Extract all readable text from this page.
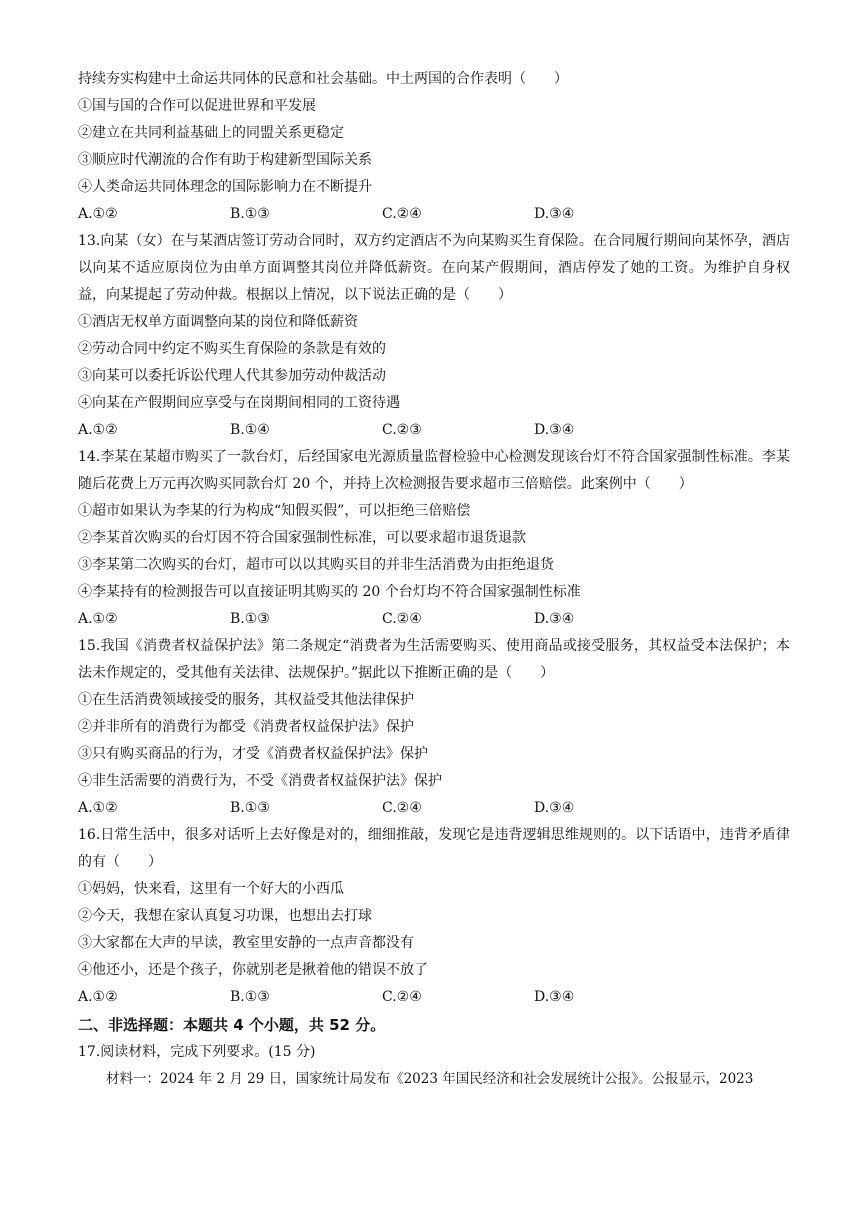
持续夯实构建中土命运共同体的民意和社会基础。中土两国的合作表明（　　）
①国与国的合作可以促进世界和平发展
②建立在共同利益基础上的同盟关系更稳定
③顺应时代潮流的合作有助于构建新型国际关系
④人类命运共同体理念的国际影响力在不断提升
A.①②	B.①③	C.②④	D.③④

13.向某（女）在与某酒店签订劳动合同时，双方约定酒店不为向某购买生育保险。在合同履行期间向某怀孕，酒店以向某不适应原岗位为由单方面调整其岗位并降低薪资。在向某产假期间，酒店停发了她的工资。为维护自身权益，向某提起了劳动仲裁。根据以上情况，以下说法正确的是（　　）

①酒店无权单方面调整向某的岗位和降低薪资
②劳动合同中约定不购买生育保险的条款是有效的
③向某可以委托诉讼代理人代其参加劳动仲裁活动
④向某在产假期间应享受与在岗期间相同的工资待遇
A.①②	B.①④	C.②③	D.③④

14.李某在某超市购买了一款台灯，后经国家电光源质量监督检验中心检测发现该台灯不符合国家强制性标准。李某随后花费上万元再次购买同款台灯 20 个，并持上次检测报告要求超市三倍赔偿。此案例中（　　）

①超市如果认为李某的行为构成“知假买假”，可以拒绝三倍赔偿
②李某首次购买的台灯因不符合国家强制性标准，可以要求超市退货退款
③李某第二次购买的台灯，超市可以以其购买目的并非生活消费为由拒绝退货
④李某持有的检测报告可以直接证明其购买的 20 个台灯均不符合国家强制性标准
A.①②	B.①③	C.②④	D.③④

15.我国《消费者权益保护法》第二条规定“消费者为生活需要购买、使用商品或接受服务，其权益受本法保护；本法未作规定的，受其他有关法律、法规保护。”据此以下推断正确的是（　　）

①在生活消费领域接受的服务，其权益受其他法律保护
②并非所有的消费行为都受《消费者权益保护法》保护
③只有购买商品的行为，才受《消费者权益保护法》保护
④非生活需要的消费行为，不受《消费者权益保护法》保护
A.①②	B.①③	C.②④	D.③④

16.日常生活中，很多对话听上去好像是对的，细细推敲，发现它是违背逻辑思维规则的。以下话语中，违背矛盾律的有（　　）

①妈妈，快来看，这里有一个好大的小西瓜
②今天，我想在家认真复习功课，也想出去打球
③大家都在大声的早读，教室里安静的一点声音都没有
④他还小，还是个孩子，你就别老是揪着他的错误不放了
A.①②	B.①③	C.②④	D.③④
二、非选择题：本题共 4 个小题，共 52 分。
17.阅读材料，完成下列要求。(15 分)
材料一：2024 年 2 月 29 日，国家统计局发布《2023 年国民经济和社会发展统计公报》。公报显示，2023
